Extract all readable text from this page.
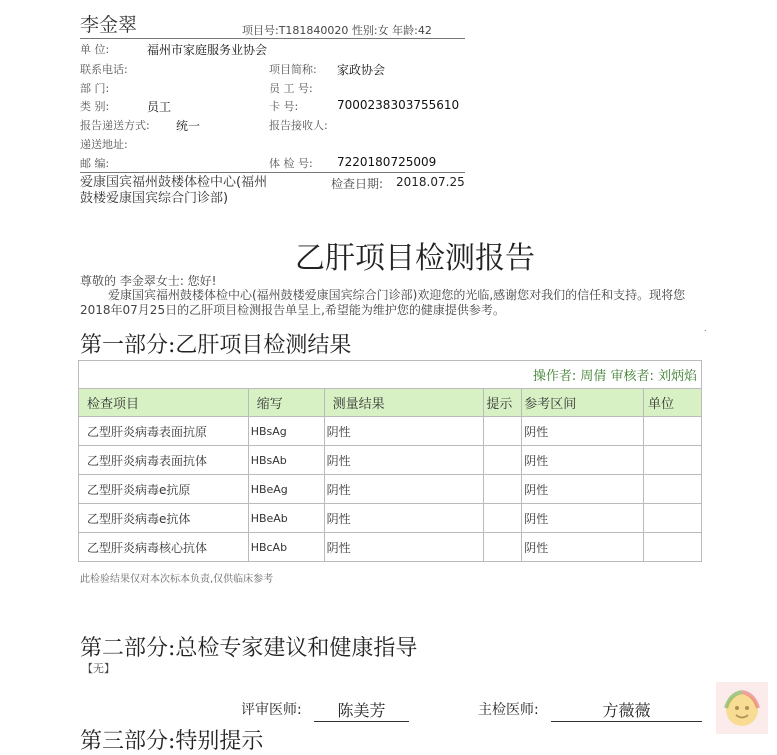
李金翠	项目号:T181840020 性别:女 年龄:42
单 位:	福州市家庭服务业协会
联系电话:	项目简称: 家政协会
部 门:	员 工 号:
类 别:	员工	卡 号:	7000238303755610
报告递送方式: 统一	报告接收人:
递送地址:
邮 编:	体 检 号: 7220180725009
爱康国宾福州鼓楼体检中心(福州鼓楼爱康国宾综合门诊部)
检查日期: 2018.07.25
乙肝项目检测报告
尊敬的 李金翠女士: 您好!
爱康国宾福州鼓楼体检中心(福州鼓楼爱康国宾综合门诊部)欢迎您的光临,感谢您对我们的信任和支持。现将您2018年07月25日的乙肝项目检测报告单呈上,希望能为维护您的健康提供参考。
第一部分:乙肝项目检测结果
.
操作者: 周倩 审核者: 刘炳焰					
检查项目	缩写	测量结果	提示	参考区间	单位
乙型肝炎病毒表面抗原	HBsAg	阴性		阴性	
乙型肝炎病毒表面抗体	HBsAb	阴性		阴性	
乙型肝炎病毒e抗原	HBeAg	阴性		阴性	
乙型肝炎病毒e抗体	HBeAb	阴性		阴性	
乙型肝炎病毒核心抗体	HBcAb	阴性		阴性	
此检验结果仅对本次标本负责,仅供临床参考
第二部分:总检专家建议和健康指导
【无】
评审医师:	陈美芳	主检医师:	方薇薇
第三部分:特别提示
